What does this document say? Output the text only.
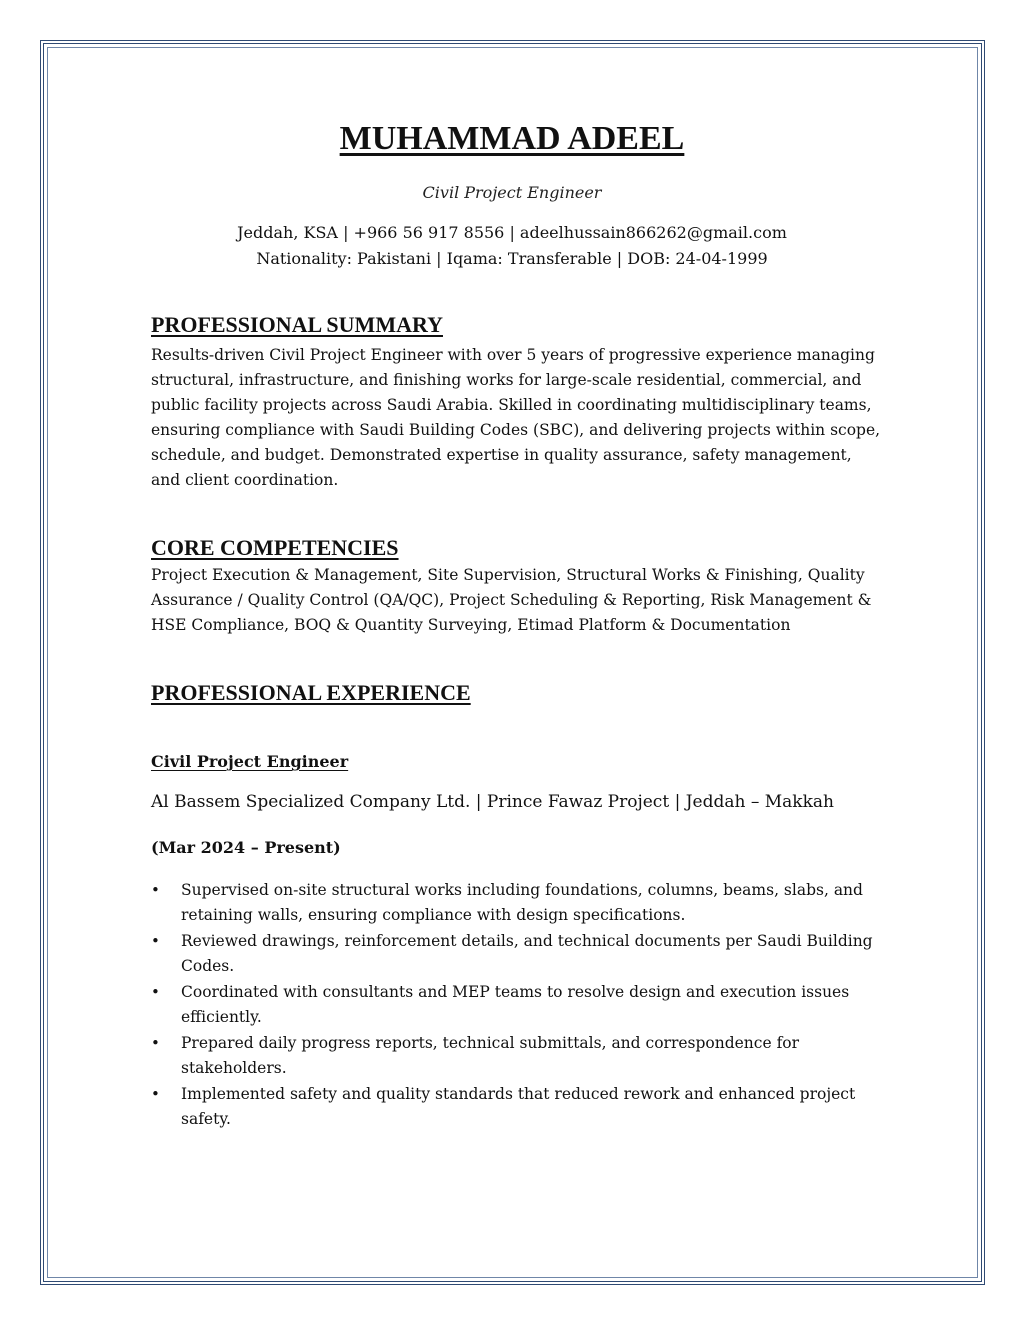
MUHAMMAD ADEEL
Civil Project Engineer
Jeddah, KSA | +966 56 917 8556 | adeelhussain866262@gmail.com
Nationality: Pakistani | Iqama: Transferable | DOB: 24-04-1999
PROFESSIONAL SUMMARY

Results-driven Civil Project Engineer with over 5 years of progressive experience managing structural, infrastructure, and finishing works for large-scale residential, commercial, and public facility projects across Saudi Arabia. Skilled in coordinating multidisciplinary teams, ensuring compliance with Saudi Building Codes (SBC), and delivering projects within scope, schedule, and budget. Demonstrated expertise in quality assurance, safety management, and client coordination.

CORE COMPETENCIES

Project Execution & Management, Site Supervision, Structural Works & Finishing, Quality Assurance / Quality Control (QA/QC), Project Scheduling & Reporting, Risk Management & HSE Compliance, BOQ & Quantity Surveying, Etimad Platform & Documentation

PROFESSIONAL EXPERIENCE
Civil Project Engineer
Al Bassem Specialized Company Ltd. | Prince Fawaz Project | Jeddah – Makkah
(Mar 2024 – Present)
• Supervised on-site structural works including foundations, columns, beams, slabs, and retaining walls, ensuring compliance with design specifications.
• Reviewed drawings, reinforcement details, and technical documents per Saudi Building Codes.
• Coordinated with consultants and MEP teams to resolve design and execution issues efficiently.
• Prepared daily progress reports, technical submittals, and correspondence for stakeholders.
• Implemented safety and quality standards that reduced rework and enhanced project safety.
